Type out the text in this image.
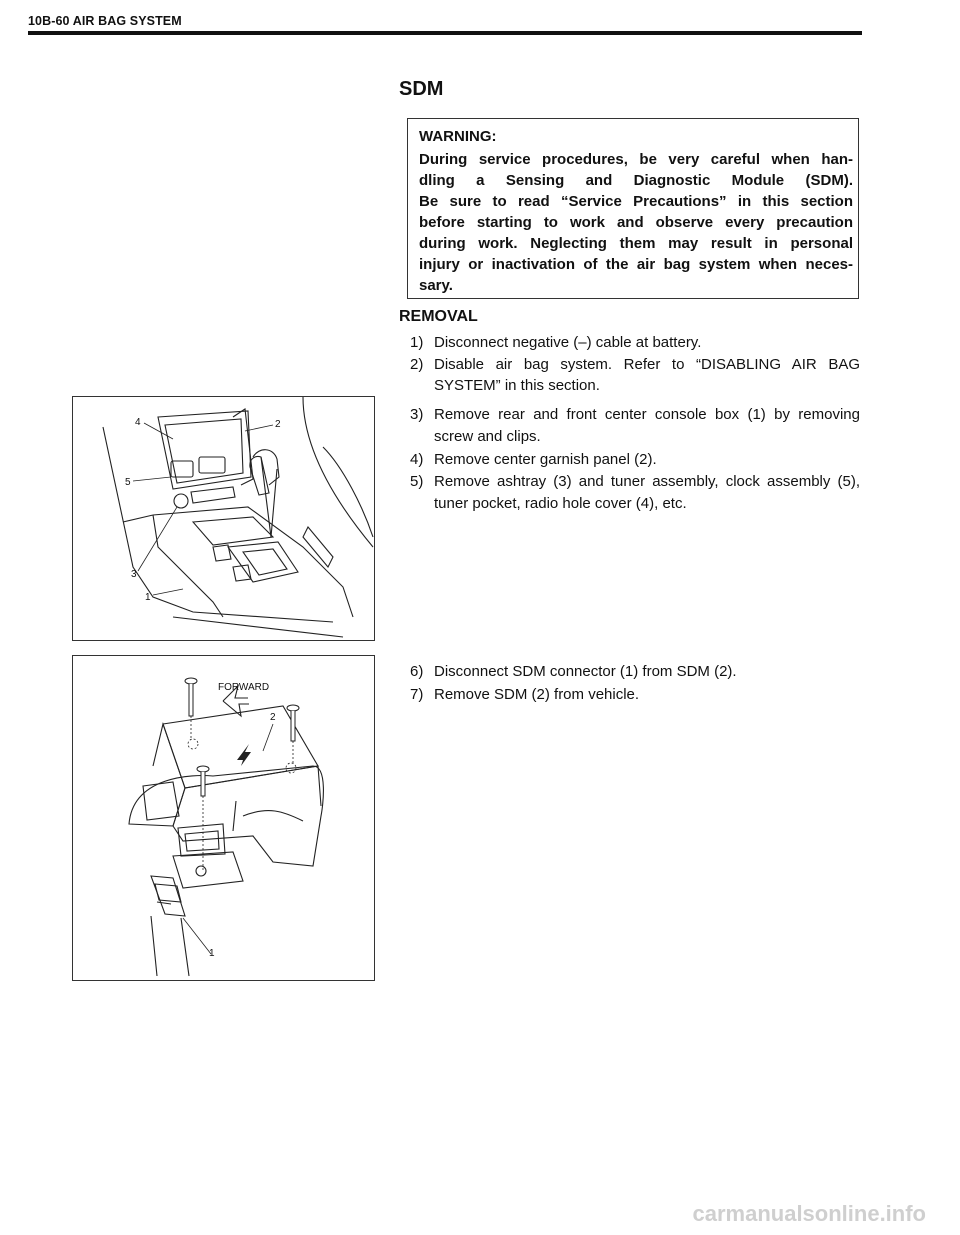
10B-60 AIR BAG SYSTEM
SDM
WARNING:
During service procedures, be very careful when han-
dling a Sensing and Diagnostic Module (SDM).
Be sure to read “Service Precautions” in this section
before starting to work and observe every precaution
during work. Neglecting them may result in personal
injury or inactivation of the air bag system when neces-
sary.
REMOVAL
1) Disconnect negative (–) cable at battery.
2) Disable air bag system. Refer to “DISABLING AIR BAG
SYSTEM” in this section.
3) Remove rear and front center console box (1) by removing
screw and clips.
4) Remove center garnish panel (2).
5) Remove ashtray (3) and tuner assembly, clock assembly (5),
tuner pocket, radio hole cover (4), etc.
6) Disconnect SDM connector (1) from SDM (2).
7) Remove SDM (2) from vehicle.
4	2
5
3
1
FORWARD
2
1
carmanualsonline.info
